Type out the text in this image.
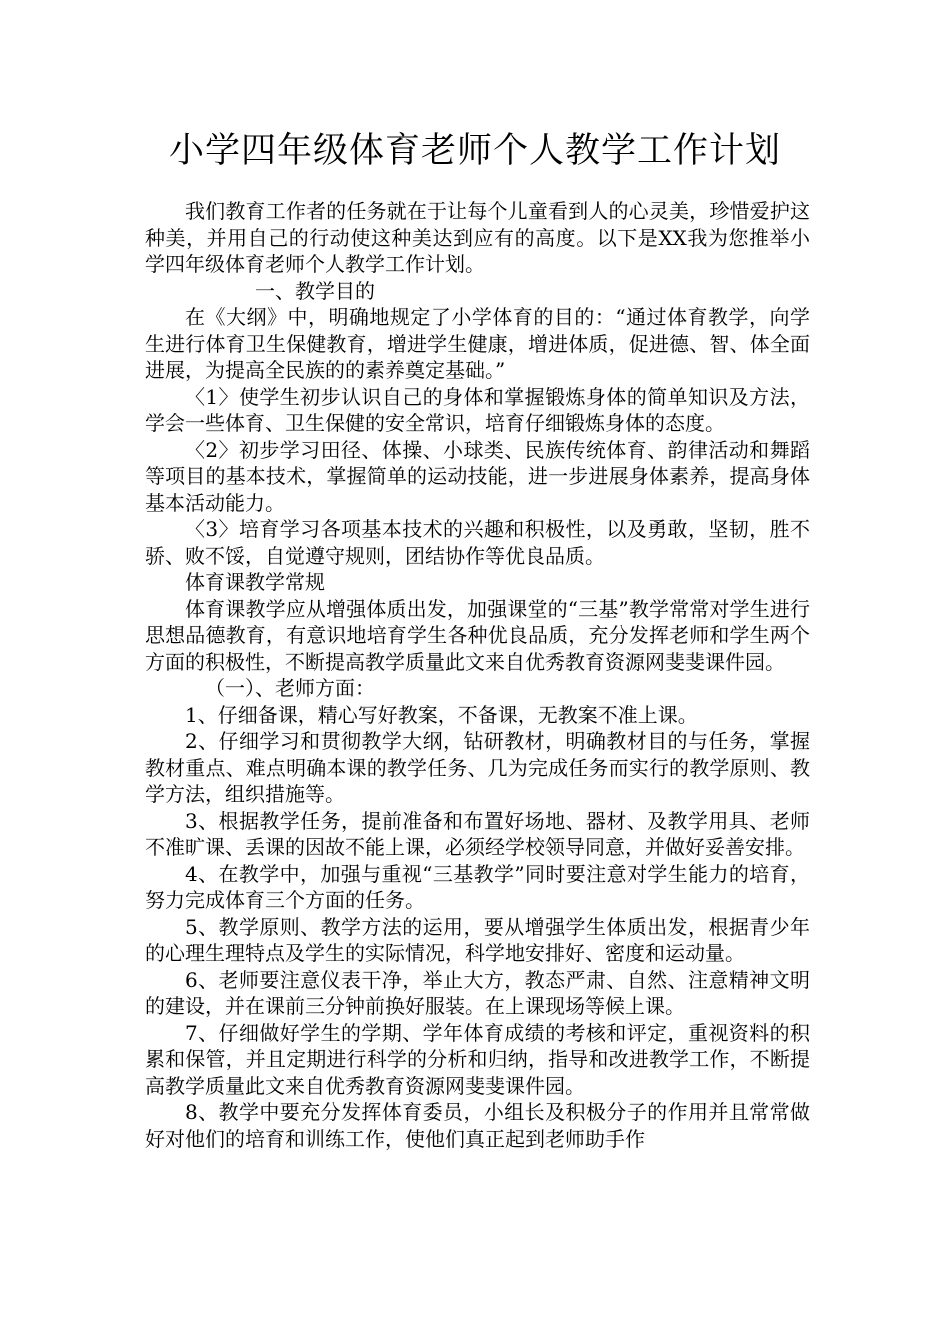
小学四年级体育老师个人教学工作计划

我们教育工作者的任务就在于让每个儿童看到人的心灵美，珍惜爱护这种美，并用自己的行动使这种美达到应有的高度。以下是XX我为您推举小学四年级体育老师个人教学工作计划。

一、教学目的

在《大纲》中，明确地规定了小学体育的目的：“通过体育教学，向学生进行体育卫生保健教育，增进学生健康，增进体质，促进德、智、体全面进展，为提高全民族的的素养奠定基础。”

〈1〉使学生初步认识自己的身体和掌握锻炼身体的简单知识及方法，学会一些体育、卫生保健的安全常识，培育仔细锻炼身体的态度。

〈2〉初步学习田径、体操、小球类、民族传统体育、韵律活动和舞蹈等项目的基本技术，掌握简单的运动技能，进一步进展身体素养，提高身体基本活动能力。

〈3〉培育学习各项基本技术的兴趣和积极性，以及勇敢，坚韧，胜不骄、败不馁，自觉遵守规则，团结协作等优良品质。

体育课教学常规

体育课教学应从增强体质出发，加强课堂的“三基”教学常常对学生进行思想品德教育，有意识地培育学生各种优良品质，充分发挥老师和学生两个方面的积极性，不断提高教学质量此文来自优秀教育资源网斐斐课件园。

（一）、老师方面：

1、仔细备课，精心写好教案，不备课，无教案不准上课。

2、仔细学习和贯彻教学大纲，钻研教材，明确教材目的与任务，掌握教材重点、难点明确本课的教学任务、几为完成任务而实行的教学原则、教学方法，组织措施等。

3、根据教学任务，提前准备和布置好场地、器材、及教学用具、老师不准旷课、丢课的因故不能上课，必须经学校领导同意，并做好妥善安排。

4、在教学中，加强与重视“三基教学”同时要注意对学生能力的培育，努力完成体育三个方面的任务。

5、教学原则、教学方法的运用，要从增强学生体质出发，根据青少年的心理生理特点及学生的实际情况，科学地安排好、密度和运动量。

6、老师要注意仪表干净，举止大方，教态严肃、自然、注意精神文明的建设，并在课前三分钟前换好服装。在上课现场等候上课。

7、仔细做好学生的学期、学年体育成绩的考核和评定，重视资料的积累和保管，并且定期进行科学的分析和归纳，指导和改进教学工作，不断提高教学质量此文来自优秀教育资源网斐斐课件园。

8、教学中要充分发挥体育委员，小组长及积极分子的作用并且常常做好对他们的培育和训练工作，使他们真正起到老师助手作
